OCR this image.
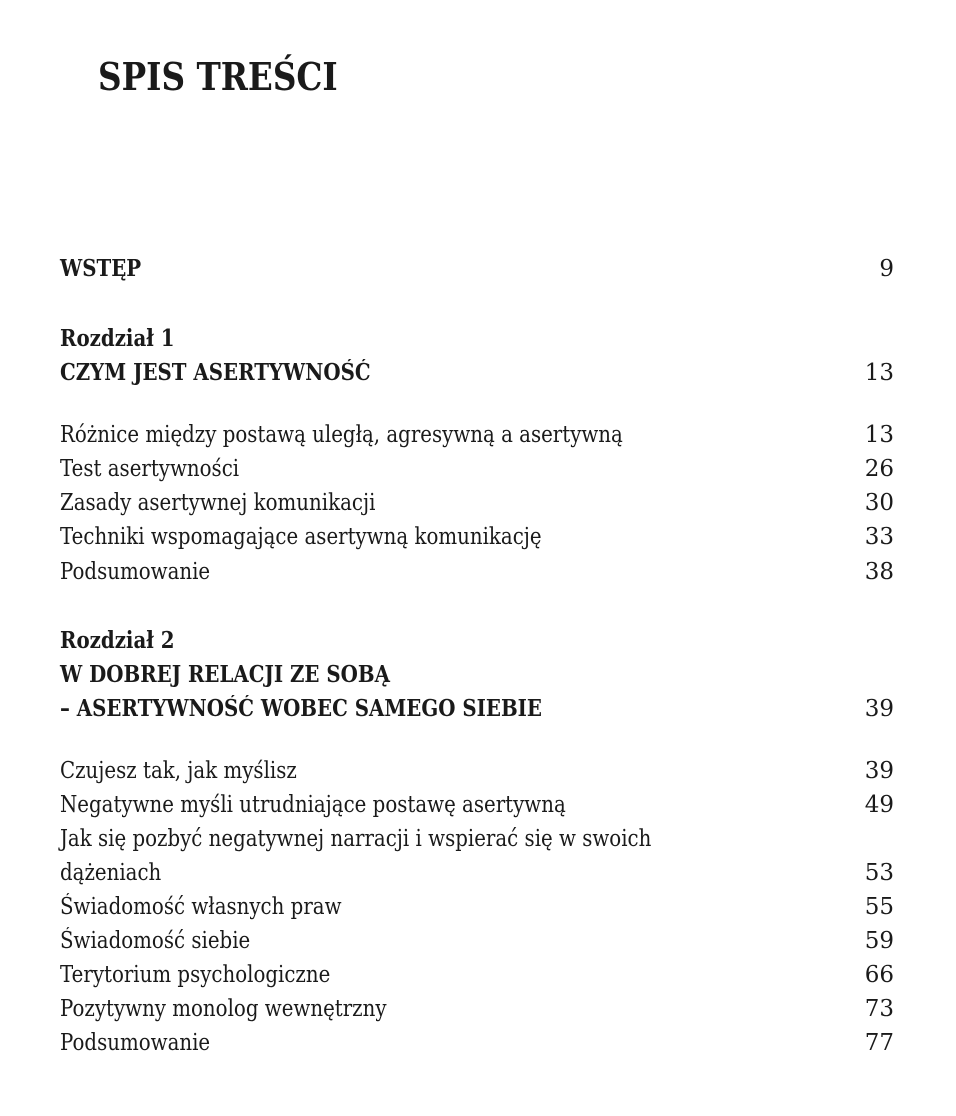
SPIS TREŚCI
WSTĘP	9
Rozdział 1
CZYM JEST ASERTYWNOŚĆ	13
Różnice między postawą uległą, agresywną a asertywną	13
Test asertywności	26
Zasady asertywnej komunikacji	30
Techniki wspomagające asertywną komunikację	33
Podsumowanie	38
Rozdział 2
W DOBREJ RELACJI ZE SOBĄ
– ASERTYWNOŚĆ WOBEC SAMEGO SIEBIE	39
Czujesz tak, jak myślisz	39
Negatywne myśli utrudniające postawę asertywną	49
Jak się pozbyć negatywnej narracji i wspierać się w swoich
dążeniach	53
Świadomość własnych praw	55
Świadomość siebie	59
Terytorium psychologiczne	66
Pozytywny monolog wewnętrzny	73
Podsumowanie	77
